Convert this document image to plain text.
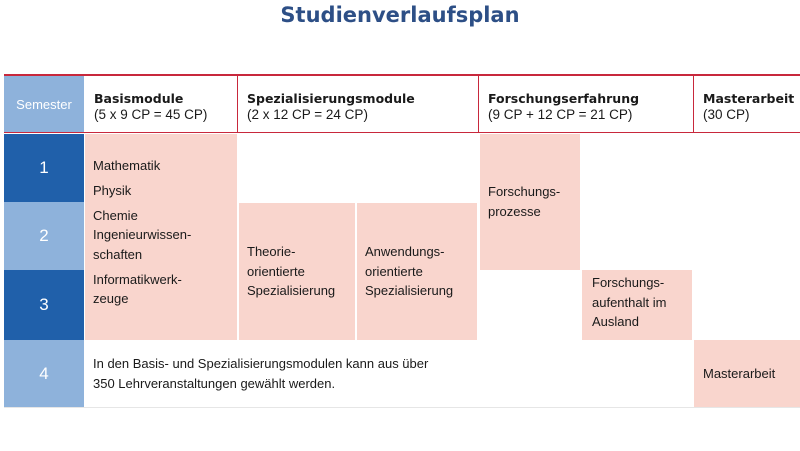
Studienverlaufsplan
Semester	Basismodule
(5 x 9 CP = 45 CP)
Spezialisierungsmodule
(2 x 12 CP = 24 CP)
Forschungserfahrung
(9 CP + 12 CP = 21 CP)
Masterarbeit
(30 CP)
1
2
3
4
Mathematik
Physik
Chemie
Ingenieurwissen-
schaften
Informatikwerk-
zeuge
Theorie-
orientierte
Spezialisierung
Anwendungs-
orientierte
Spezialisierung
Forschungs-
prozesse
Forschungs-
aufenthalt im
Ausland
In den Basis- und Spezialisierungsmodulen kann aus über
350 Lehrveranstaltungen gewählt werden.
Masterarbeit
